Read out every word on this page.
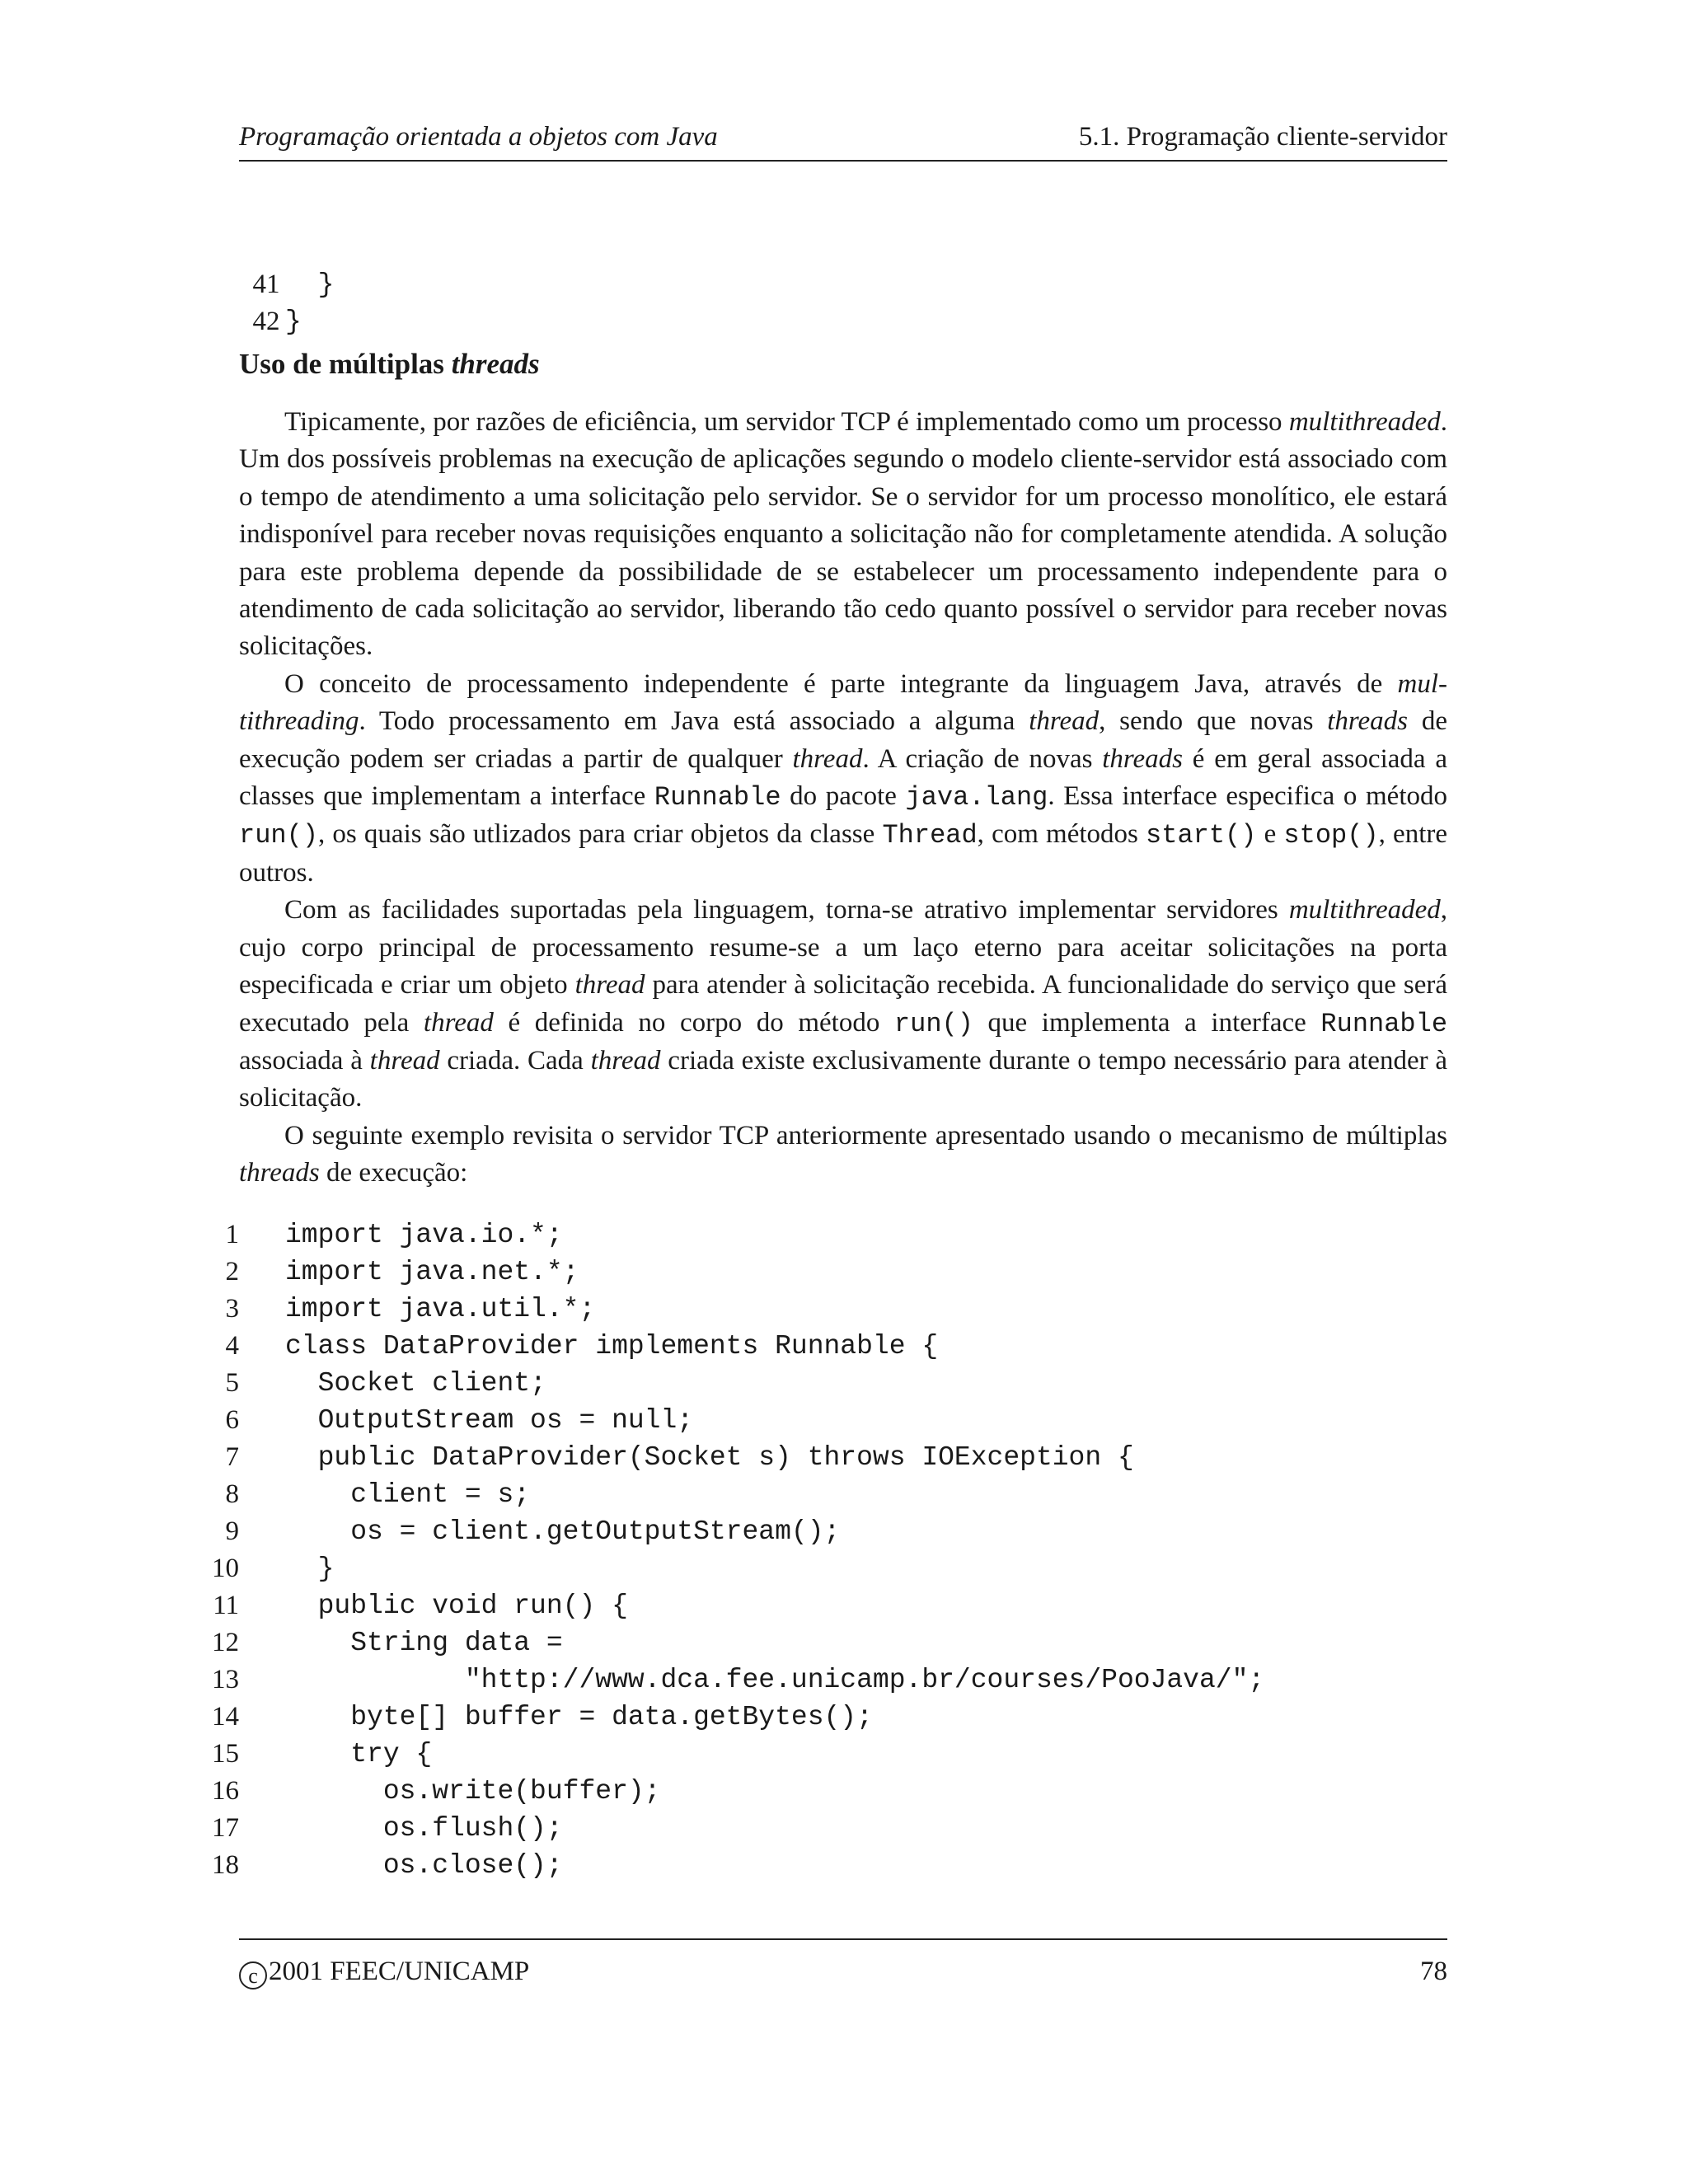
Programação orientada a objetos com Java	5.1. Programação cliente-servidor

41 }

42 }

Uso de múltiplas threads

Tipicamente, por razões de eficiência, um servidor TCP é implementado como um processo multithreaded. Um dos possíveis problemas na execução de aplicações segundo o modelo cliente-servidor está associado com o tempo de atendimento a uma solicitação pelo servidor. Se o servidor for um processo monolítico, ele estará indisponível para receber novas requisições enquanto a solicitação não for completamente atendida. A solução para este problema depende da possibilidade de se estabelecer um processamento independente para o atendimento de cada solicitação ao servidor, liberando tão cedo quanto possível o servidor para receber novas solicitações.

O conceito de processamento independente é parte integrante da linguagem Java, através de multithreading. Todo processamento em Java está associado a alguma thread, sendo que novas threads de execução podem ser criadas a partir de qualquer thread. A criação de novas threads é em geral associada a classes que implementam a interface Runnable do pacote java.lang. Essa interface especifica o método run(), os quais são utlizados para criar objetos da classe Thread, com métodos start() e stop(), entre outros.

Com as facilidades suportadas pela linguagem, torna-se atrativo implementar servidores multithreaded, cujo corpo principal de processamento resume-se a um laço eterno para aceitar solicitações na porta especificada e criar um objeto thread para atender à solicitação recebida. A funcionalidade do serviço que será executado pela thread é definida no corpo do método run() que implementa a interface Runnable associada à thread criada. Cada thread criada existe exclusivamente durante o tempo necessário para atender à solicitação.

O seguinte exemplo revisita o servidor TCP anteriormente apresentado usando o mecanismo de múltiplas threads de execução:

1 import java.io.*;
2 import java.net.*;
3 import java.util.*;
4 class DataProvider implements Runnable {
5 Socket client;
6 OutputStream os = null;
7 public DataProvider(Socket s) throws IOException {
8 client = s;
9 os = client.getOutputStream();
10 }
11 public void run() {
12 String data =
13 "http://www.dca.fee.unicamp.br/courses/PooJava/";
14 byte[] buffer = data.getBytes();
15 try {
16 os.write(buffer);
17 os.flush();
18 os.close();
c 2001 FEEC/UNICAMP	78
